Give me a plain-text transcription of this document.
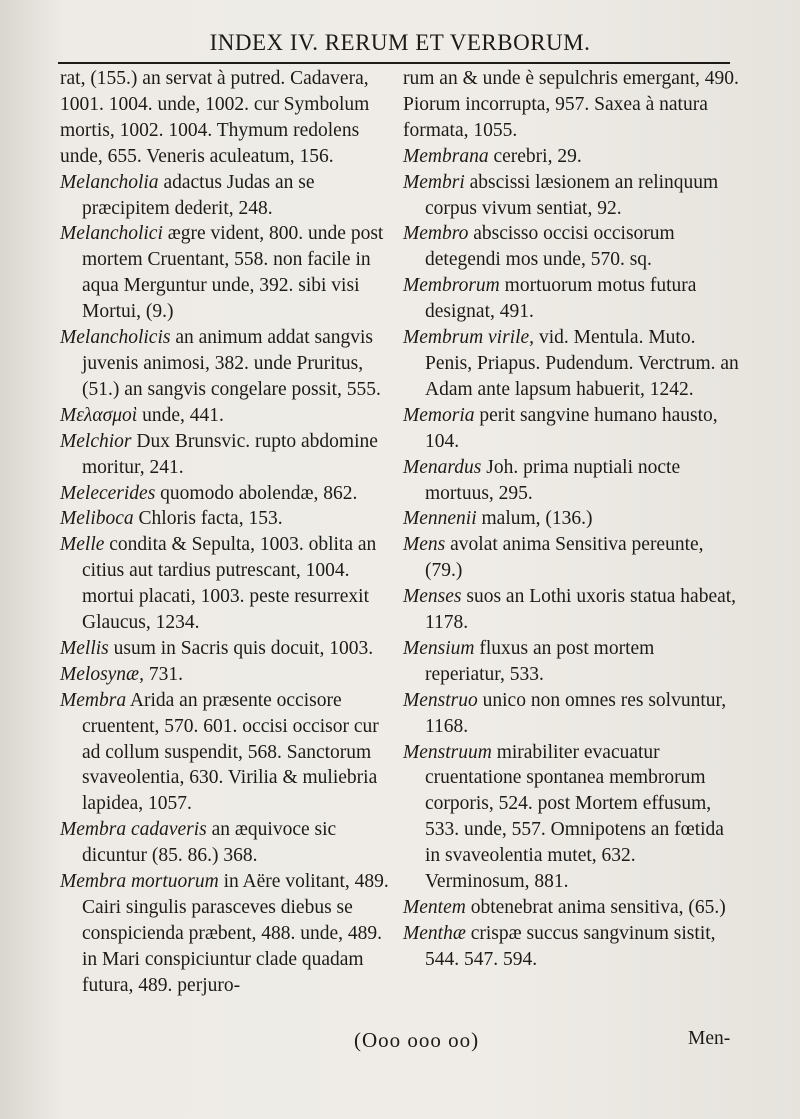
INDEX IV. RERUM ET VERBORUM.

rat, (155.) an servat à putred. Cadavera, 1001. 1004. unde, 1002. cur Symbolum mortis, 1002. 1004. Thymum redolens unde, 655. Veneris aculeatum, 156.

Melancholia adactus Judas an se præcipitem dederit, 248.

Melancholici ægre vident, 800. unde post mortem Cruentant, 558. non facile in aqua Merguntur unde, 392. sibi visi Mortui, (9.)

Melancholicis an animum addat sangvis juvenis animosi, 382. unde Pruritus, (51.) an sangvis congelare possit, 555.

Μελασμοὶ unde, 441.

Melchior Dux Brunsvic. rupto abdomine moritur, 241.

Melecerides quomodo abolendæ, 862.

Meliboca Chloris facta, 153.

Melle condita & Sepulta, 1003. oblita an citius aut tardius putrescant, 1004. mortui placati, 1003. peste resurrexit Glaucus, 1234.

Mellis usum in Sacris quis docuit, 1003.

Melosynæ, 731.

Membra Arida an præsente occisore cruentent, 570. 601. occisi occisor cur ad collum suspendit, 568. Sanctorum svaveolentia, 630. Virilia & muliebria lapidea, 1057.

Membra cadaveris an æquivoce sic dicuntur (85. 86.) 368.

Membra mortuorum in Aëre volitant, 489. Cairi singulis parasceves diebus se conspicienda præbent, 488. unde, 489. in Mari conspiciuntur clade quadam futura, 489. perjuro-

rum an & unde è sepulchris emergant, 490. Piorum incorrupta, 957. Saxea à natura formata, 1055.

Membrana cerebri, 29.

Membri abscissi læsionem an relinquum corpus vivum sentiat, 92.

Membro abscisso occisi occisorum detegendi mos unde, 570. sq.

Membrorum mortuorum motus futura designat, 491.

Membrum virile, vid. Mentula. Muto. Penis, Priapus. Pudendum. Verctrum. an Adam ante lapsum habuerit, 1242.

Memoria perit sangvine humano hausto, 104.

Menardus Joh. prima nuptiali nocte mortuus, 295.

Mennenii malum, (136.)

Mens avolat anima Sensitiva pereunte, (79.)

Menses suos an Lothi uxoris statua habeat, 1178.

Mensium fluxus an post mortem reperiatur, 533.

Menstruo unico non omnes res solvuntur, 1168.

Menstruum mirabiliter evacuatur cruentatione spontanea membrorum corporis, 524. post Mortem effusum, 533. unde, 557. Omnipotens an fœtida in svaveolentia mutet, 632. Verminosum, 881.

Mentem obtenebrat anima sensitiva, (65.)

Menthæ crispæ succus sangvinum sistit, 544. 547. 594.

(Ooo ooo oo)	Men-
